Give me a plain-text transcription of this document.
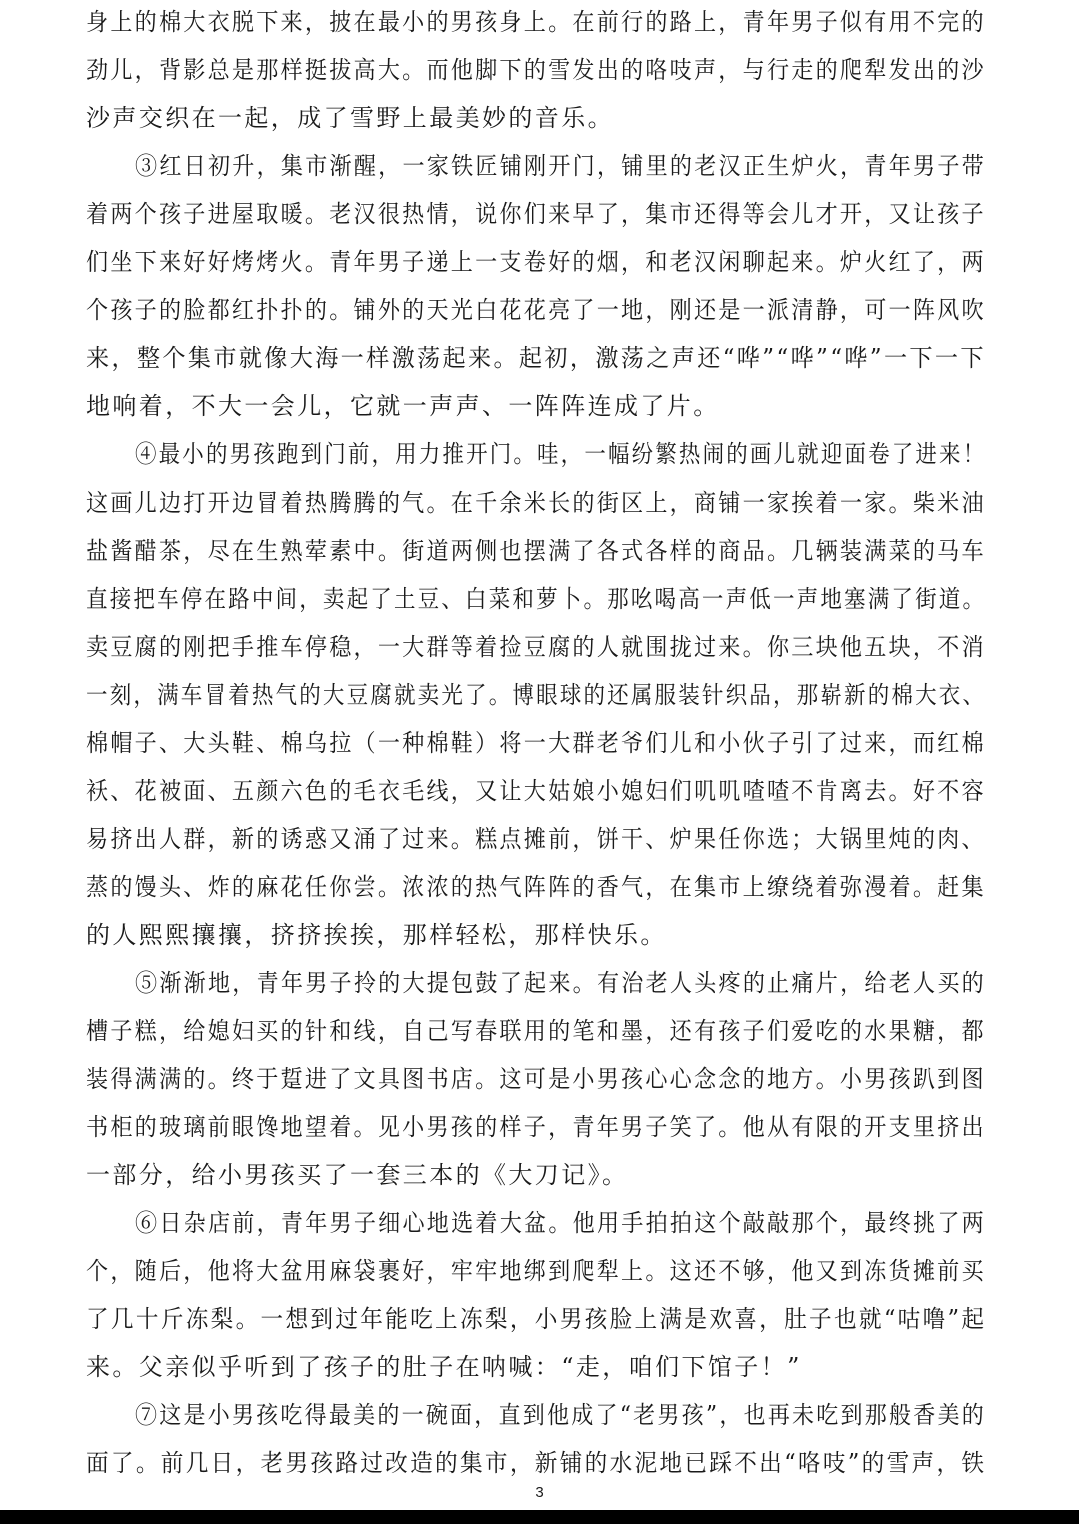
身上的棉大衣脱下来，披在最小的男孩身上。在前行的路上，青年男子似有用不完的
劲儿，背影总是那样挺拔高大。而他脚下的雪发出的咯吱声，与行走的爬犁发出的沙
沙声交织在一起，成了雪野上最美妙的音乐。
③红日初升，集市渐醒，一家铁匠铺刚开门，铺里的老汉正生炉火，青年男子带
着两个孩子进屋取暖。老汉很热情，说你们来早了，集市还得等会儿才开，又让孩子
们坐下来好好烤烤火。青年男子递上一支卷好的烟，和老汉闲聊起来。炉火红了，两
个孩子的脸都红扑扑的。铺外的天光白花花亮了一地，刚还是一派清静，可一阵风吹
来，整个集市就像大海一样激荡起来。起初，激荡之声还“哗”“哗”“哗”一下一下
地响着，不大一会儿，它就一声声、一阵阵连成了片。
④最小的男孩跑到门前，用力推开门。哇，一幅纷繁热闹的画儿就迎面卷了进来！
这画儿边打开边冒着热腾腾的气。在千余米长的街区上，商铺一家挨着一家。柴米油
盐酱醋茶，尽在生熟荤素中。街道两侧也摆满了各式各样的商品。几辆装满菜的马车
直接把车停在路中间，卖起了土豆、白菜和萝卜。那吆喝高一声低一声地塞满了街道。
卖豆腐的刚把手推车停稳，一大群等着捡豆腐的人就围拢过来。你三块他五块，不消
一刻，满车冒着热气的大豆腐就卖光了。博眼球的还属服装针织品，那崭新的棉大衣、
棉帽子、大头鞋、棉乌拉（一种棉鞋）将一大群老爷们儿和小伙子引了过来，而红棉
袄、花被面、五颜六色的毛衣毛线，又让大姑娘小媳妇们叽叽喳喳不肯离去。好不容
易挤出人群，新的诱惑又涌了过来。糕点摊前，饼干、炉果任你选；大锅里炖的肉、
蒸的馒头、炸的麻花任你尝。浓浓的热气阵阵的香气，在集市上缭绕着弥漫着。赶集
的人熙熙攘攘，挤挤挨挨，那样轻松，那样快乐。
⑤渐渐地，青年男子拎的大提包鼓了起来。有治老人头疼的止痛片，给老人买的
槽子糕，给媳妇买的针和线，自己写春联用的笔和墨，还有孩子们爱吃的水果糖，都
装得满满的。终于踅进了文具图书店。这可是小男孩心心念念的地方。小男孩趴到图
书柜的玻璃前眼馋地望着。见小男孩的样子，青年男子笑了。他从有限的开支里挤出
一部分，给小男孩买了一套三本的《大刀记》。
⑥日杂店前，青年男子细心地选着大盆。他用手拍拍这个敲敲那个，最终挑了两
个，随后，他将大盆用麻袋裹好，牢牢地绑到爬犁上。这还不够，他又到冻货摊前买
了几十斤冻梨。一想到过年能吃上冻梨，小男孩脸上满是欢喜，肚子也就“咕噜”起
来。父亲似乎听到了孩子的肚子在呐喊：“走，咱们下馆子！”
⑦这是小男孩吃得最美的一碗面，直到他成了“老男孩”，也再未吃到那般香美的
面了。前几日，老男孩路过改造的集市，新铺的水泥地已踩不出“咯吱”的雪声，铁
3
